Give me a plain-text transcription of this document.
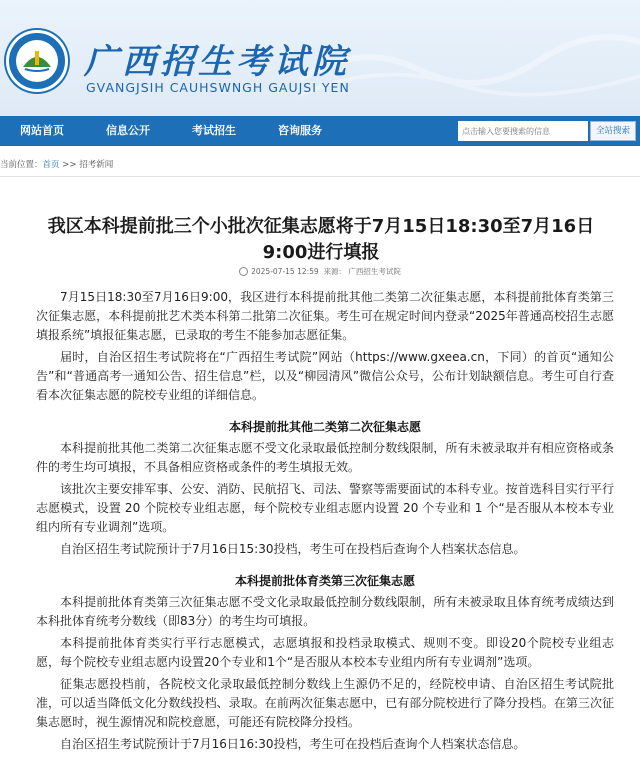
广西招生考试院
GVANGJSIH CAUHSWNGH GAUJSI YEN
网站首页	信息公开	考试招生	咨询服务
点击输入您要搜索的信息	全站搜索
当前位置：首页 >> 招考新闻
我区本科提前批三个小批次征集志愿将于7月15日18:30至7月16日9:00进行填报
2025-07-15 12:59 来源： 广西招生考试院

7月15日18:30至7月16日9:00，我区进行本科提前批其他二类第二次征集志愿，本科提前批体育类第三次征集志愿，本科提前批艺术类本科第二批第二次征集。考生可在规定时间内登录“2025年普通高校招生志愿填报系统”填报征集志愿，已录取的考生不能参加志愿征集。

届时，自治区招生考试院将在“广西招生考试院”网站（https://www.gxeea.cn，下同）的首页“通知公告”和“普通高考一通知公告、招生信息”栏，以及“柳园清风”微信公众号，公布计划缺额信息。考生可自行查看本次征集志愿的院校专业组的详细信息。

本科提前批其他二类第二次征集志愿

本科提前批其他二类第二次征集志愿不受文化录取最低控制分数线限制，所有未被录取并有相应资格或条件的考生均可填报，不具备相应资格或条件的考生填报无效。

该批次主要安排军事、公安、消防、民航招飞、司法、警察等需要面试的本科专业。按首选科目实行平行志愿模式，设置 20 个院校专业组志愿，每个院校专业组志愿内设置 20 个专业和 1 个“是否服从本校本专业组内所有专业调剂”选项。

自治区招生考试院预计于7月16日15:30投档，考生可在投档后查询个人档案状态信息。

本科提前批体育类第三次征集志愿

本科提前批体育类第三次征集志愿不受文化录取最低控制分数线限制，所有未被录取且体育统考成绩达到本科批体育统考分数线（即83分）的考生均可填报。

本科提前批体育类实行平行志愿模式，志愿填报和投档录取模式、规则不变。即设20个院校专业组志愿，每个院校专业组志愿内设置20个专业和1个“是否服从本校本专业组内所有专业调剂”选项。

征集志愿投档前，各院校文化录取最低控制分数线上生源仍不足的，经院校申请、自治区招生考试院批准，可以适当降低文化分数线投档、录取。在前两次征集志愿中，已有部分院校进行了降分投档。在第三次征集志愿时，视生源情况和院校意愿，可能还有院校降分投档。

自治区招生考试院预计于7月16日16:30投档，考生可在投档后查询个人档案状态信息。
